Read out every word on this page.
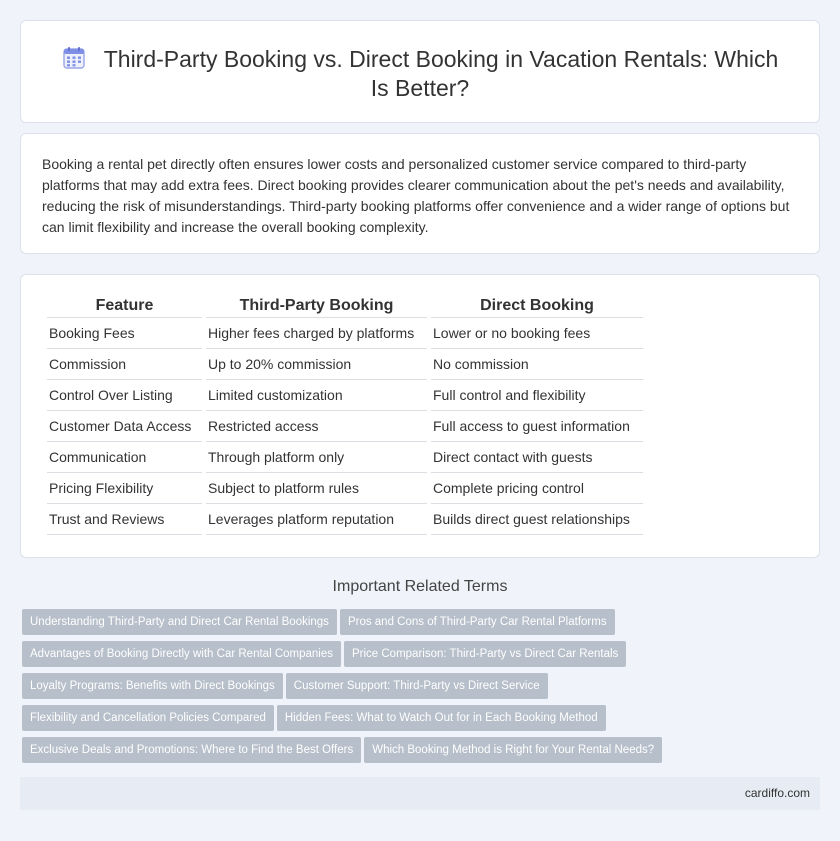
Third-Party Booking vs. Direct Booking in Vacation Rentals: Which Is Better?

Booking a rental pet directly often ensures lower costs and personalized customer service compared to third-party platforms that may add extra fees. Direct booking provides clearer communication about the pet's needs and availability, reducing the risk of misunderstandings. Third-party booking platforms offer convenience and a wider range of options but can limit flexibility and increase the overall booking complexity.

Feature	Third-Party Booking	Direct Booking
Booking Fees	Higher fees charged by platforms	Lower or no booking fees
Commission	Up to 20% commission	No commission
Control Over Listing	Limited customization	Full control and flexibility
Customer Data Access	Restricted access	Full access to guest information
Communication	Through platform only	Direct contact with guests
Pricing Flexibility	Subject to platform rules	Complete pricing control
Trust and Reviews	Leverages platform reputation	Builds direct guest relationships
Important Related Terms
Understanding Third-Party and Direct Car Rental Bookings Pros and Cons of Third-Party Car Rental Platforms
Advantages of Booking Directly with Car Rental Companies Price Comparison: Third-Party vs Direct Car Rentals
Loyalty Programs: Benefits with Direct Bookings Customer Support: Third-Party vs Direct Service
Flexibility and Cancellation Policies Compared Hidden Fees: What to Watch Out for in Each Booking Method
Exclusive Deals and Promotions: Where to Find the Best Offers Which Booking Method is Right for Your Rental Needs?
cardiffo.com
